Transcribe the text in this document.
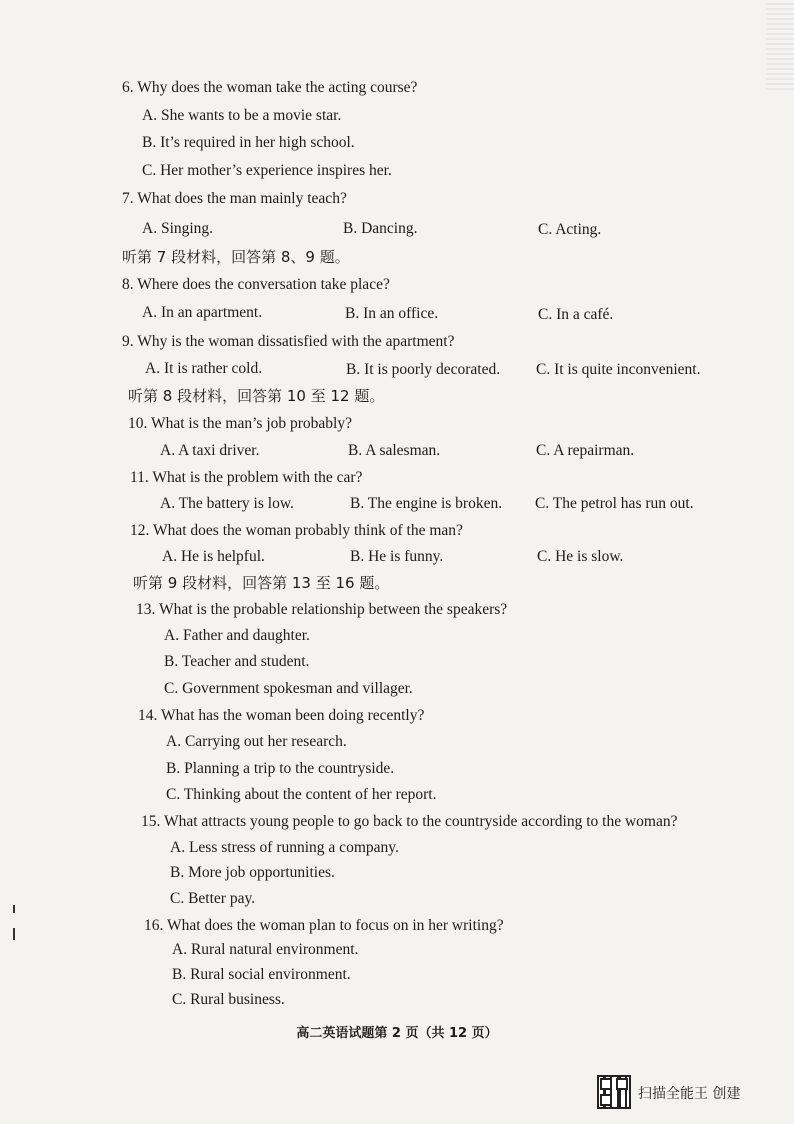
6. Why does the woman take the acting course?
A. She wants to be a movie star.
B. It’s required in her high school.
C. Her mother’s experience inspires her.
7. What does the man mainly teach?
A. Singing.	B. Dancing.	C. Acting.
听第 7 段材料，回答第 8、9 题。
8. Where does the conversation take place?
A. In an apartment.	B. In an office.	C. In a café.
9. Why is the woman dissatisfied with the apartment?
A. It is rather cold.	B. It is poorly decorated. C. It is quite inconvenient.
听第 8 段材料，回答第 10 至 12 题。
10. What is the man’s job probably?
A. A taxi driver.	B. A salesman.	C. A repairman.
11. What is the problem with the car?
A. The battery is low.	B. The engine is broken. C. The petrol has run out.
12. What does the woman probably think of the man?
A. He is helpful.	B. He is funny.	C. He is slow.
听第 9 段材料，回答第 13 至 16 题。
13. What is the probable relationship between the speakers?
A. Father and daughter.
B. Teacher and student.
C. Government spokesman and villager.
14. What has the woman been doing recently?
A. Carrying out her research.
B. Planning a trip to the countryside.
C. Thinking about the content of her report.
15. What attracts young people to go back to the countryside according to the woman?
A. Less stress of running a company.
B. More job opportunities.
C. Better pay.
16. What does the woman plan to focus on in her writing?
A. Rural natural environment.
B. Rural social environment.
C. Rural business.
高二英语试题第 2 页（共 12 页）
扫描全能王 创建
